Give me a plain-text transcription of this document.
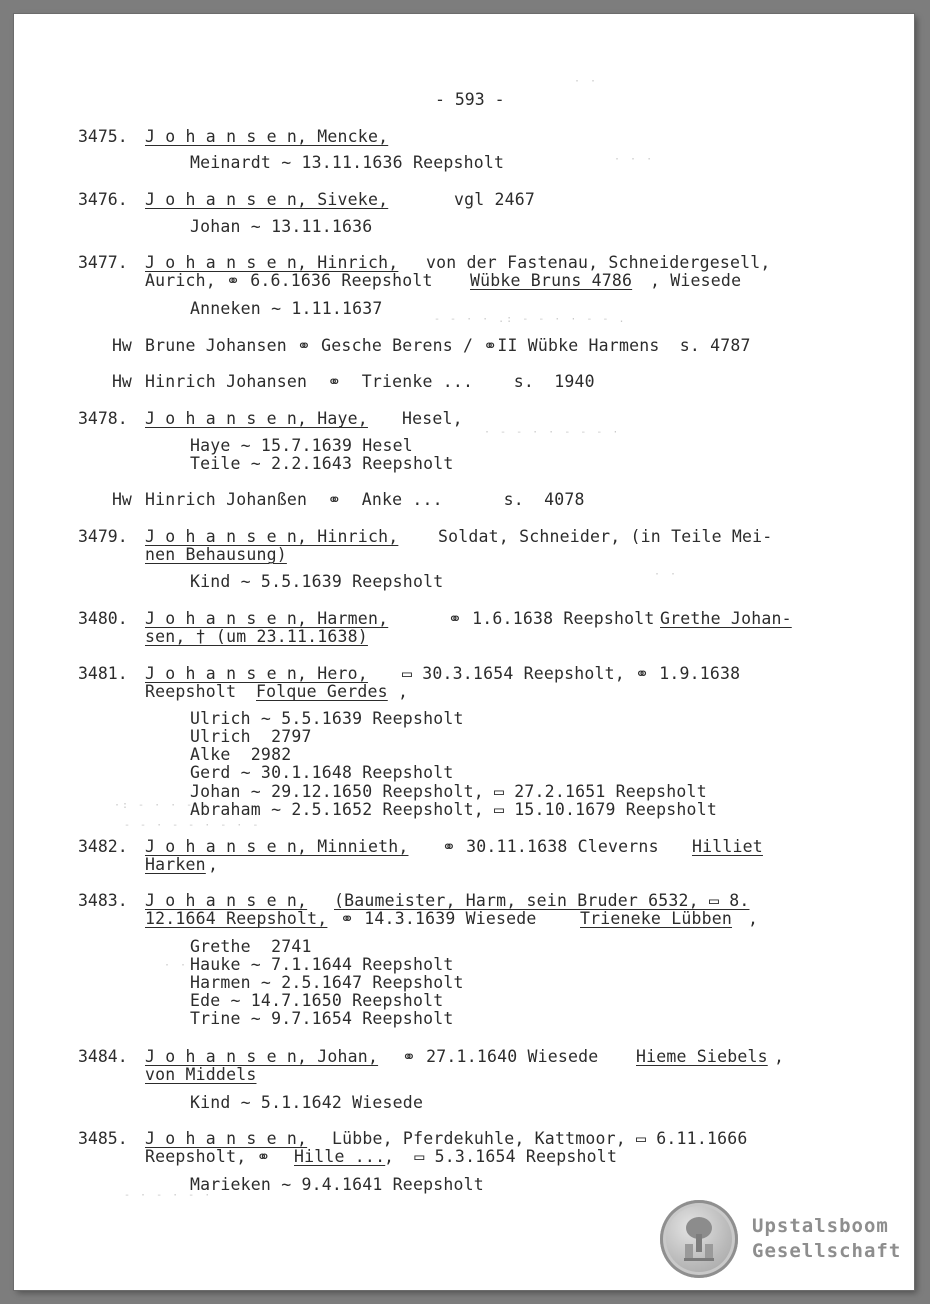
· ·
· · ·
- - · · .: - - · · - - .
· - - · · - - - ·
·: - · · - -
- - · - - · - · -
· ·
- · - · - ·
· ·
- 593 -
3475. J o h a n s e n, Mencke,
Meinardt ~ 13.11.1636 Reepsholt
3476. J o h a n s e n, Siveke,	vgl 2467
Johan ~ 13.11.1636
3477. J o h a n s e n, Hinrich, von der Fastenau, Schneidergesell,
Aurich, ⚭ 6.6.1636 Reepsholt Wübke Bruns 4786 , Wiesede
Anneken ~ 1.11.1637
Hw Brune Johansen ⚭ Gesche Berens / ⚭II Wübke Harmens  s. 4787
Hw Hinrich Johansen  ⚭  Trienke ...    s.  1940
3478. J o h a n s e n, Haye, Hesel,
Haye ~ 15.7.1639 Hesel
Teile ~ 2.2.1643 Reepsholt
Hw Hinrich Johanßen  ⚭  Anke ...      s.  4078
3479. J o h a n s e n, Hinrich, Soldat, Schneider, (in Teile Mei-
nen Behausung)
Kind ~ 5.5.1639 Reepsholt
3480. J o h a n s e n, Harmen,	⚭ 1.6.1638 Reepsholt Grethe Johan-
sen, † (um 23.11.1638)
3481. J o h a n s e n, Hero, ▭ 30.3.1654 Reepsholt, ⚭ 1.9.1638
Reepsholt Folque Gerdes ,
Ulrich ~ 5.5.1639 Reepsholt
Ulrich  2797
Alke  2982
Gerd ~ 30.1.1648 Reepsholt
Johan ~ 29.12.1650 Reepsholt, ▭ 27.2.1651 Reepsholt
Abraham ~ 2.5.1652 Reepsholt, ▭ 15.10.1679 Reepsholt
3482. J o h a n s e n, Minnieth, ⚭ 30.11.1638 Cleverns Hilliet
Harken ,
3483. J o h a n s e n, (Baumeister, Harm, sein Bruder 6532, ▭ 8.
12.1664 Reepsholt, ⚭ 14.3.1639 Wiesede	Trieneke Lübben ,
Grethe  2741
Hauke ~ 7.1.1644 Reepsholt
Harmen ~ 2.5.1647 Reepsholt
Ede ~ 14.7.1650 Reepsholt
Trine ~ 9.7.1654 Reepsholt
3484. J o h a n s e n, Johan, ⚭ 27.1.1640 Wiesede Hieme Siebels ,
von Middels
Kind ~ 5.1.1642 Wiesede
3485. J o h a n s e n, Lübbe, Pferdekuhle, Kattmoor, ▭ 6.11.1666
Reepsholt, ⚭ Hille ...
,  ▭ 5.3.1654 Reepsholt
Marieken ~ 9.4.1641 Reepsholt
Upstalsboom
Gesellschaft
